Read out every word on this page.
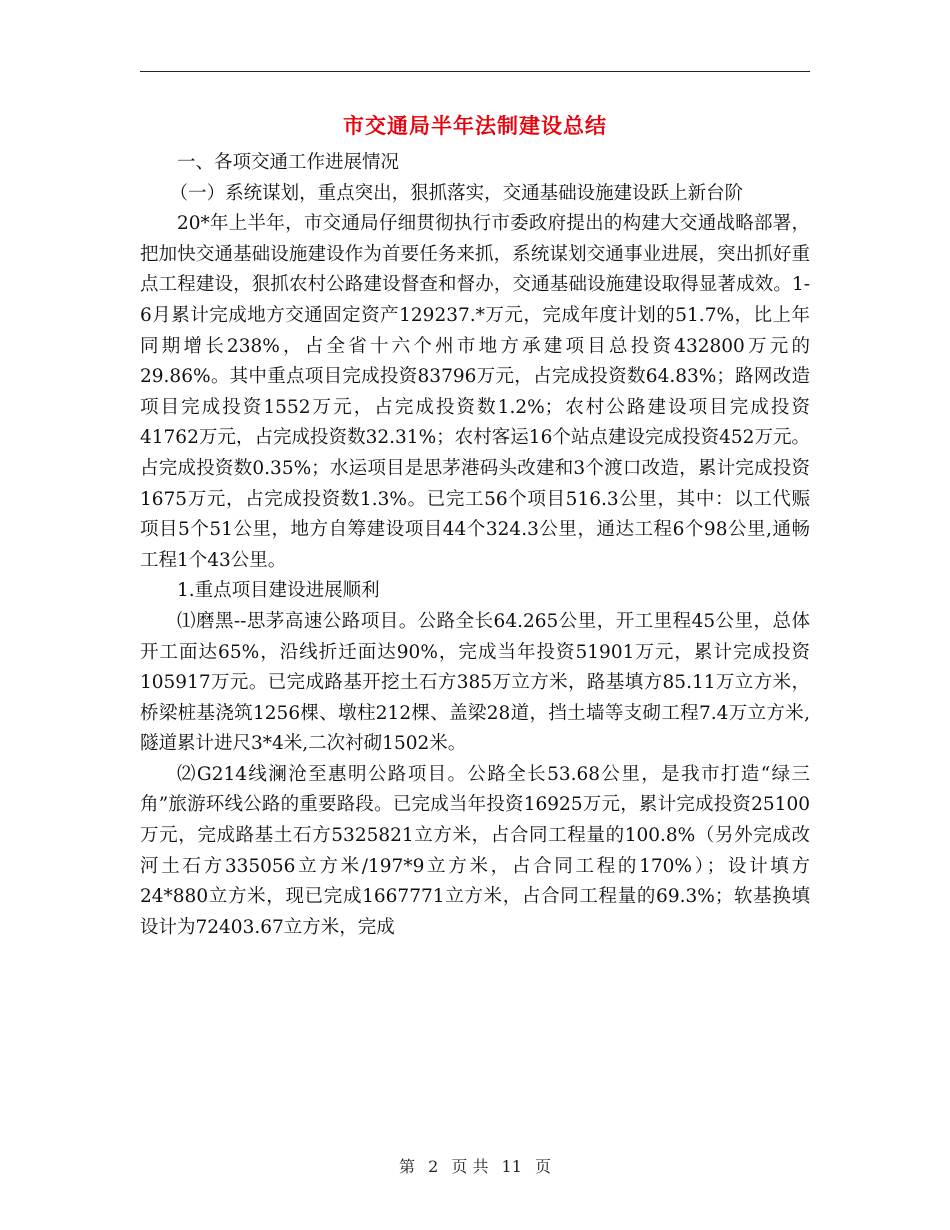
市交通局半年法制建设总结

一、各项交通工作进展情况

（一）系统谋划，重点突出，狠抓落实，交通基础设施建设跃上新台阶

20*年上半年，市交通局仔细贯彻执行市委政府提出的构建大交通战略部署，把加快交通基础设施建设作为首要任务来抓，系统谋划交通事业进展，突出抓好重点工程建设，狠抓农村公路建设督查和督办，交通基础设施建设取得显著成效。1-6月累计完成地方交通固定资产129237.*万元，完成年度计划的51.7%，比上年同期增长238%，占全省十六个州市地方承建项目总投资432800万元的29.86%。其中重点项目完成投资83796万元，占完成投资数64.83%；路网改造项目完成投资1552万元，占完成投资数1.2%；农村公路建设项目完成投资41762万元，占完成投资数32.31%；农村客运16个站点建设完成投资452万元。占完成投资数0.35%；水运项目是思茅港码头改建和3个渡口改造，累计完成投资1675万元，占完成投资数1.3%。已完工56个项目516.3公里，其中：以工代赈项目5个51公里，地方自筹建设项目44个324.3公里，通达工程6个98公里,通畅工程1个43公里。

1.重点项目建设进展顺利

⑴磨黑--思茅高速公路项目。公路全长64.265公里，开工里程45公里，总体开工面达65%，沿线折迁面达90%，完成当年投资51901万元，累计完成投资105917万元。已完成路基开挖土石方385万立方米，路基填方85.11万立方米，桥梁桩基浇筑1256棵、墩柱212棵、盖梁28道，挡土墙等支砌工程7.4万立方米,隧道累计进尺3*4米,二次衬砌1502米。

⑵G214线澜沧至惠明公路项目。公路全长53.68公里，是我市打造“绿三角”旅游环线公路的重要路段。已完成当年投资16925万元，累计完成投资25100万元，完成路基土石方5325821立方米，占合同工程量的100.8%（另外完成改河土石方335056立方米/197*9立方米，占合同工程的170%）；设计填方24*880立方米，现已完成1667771立方米，占合同工程量的69.3%；软基换填设计为72403.67立方米，完成

第 2 页 共 11 页
